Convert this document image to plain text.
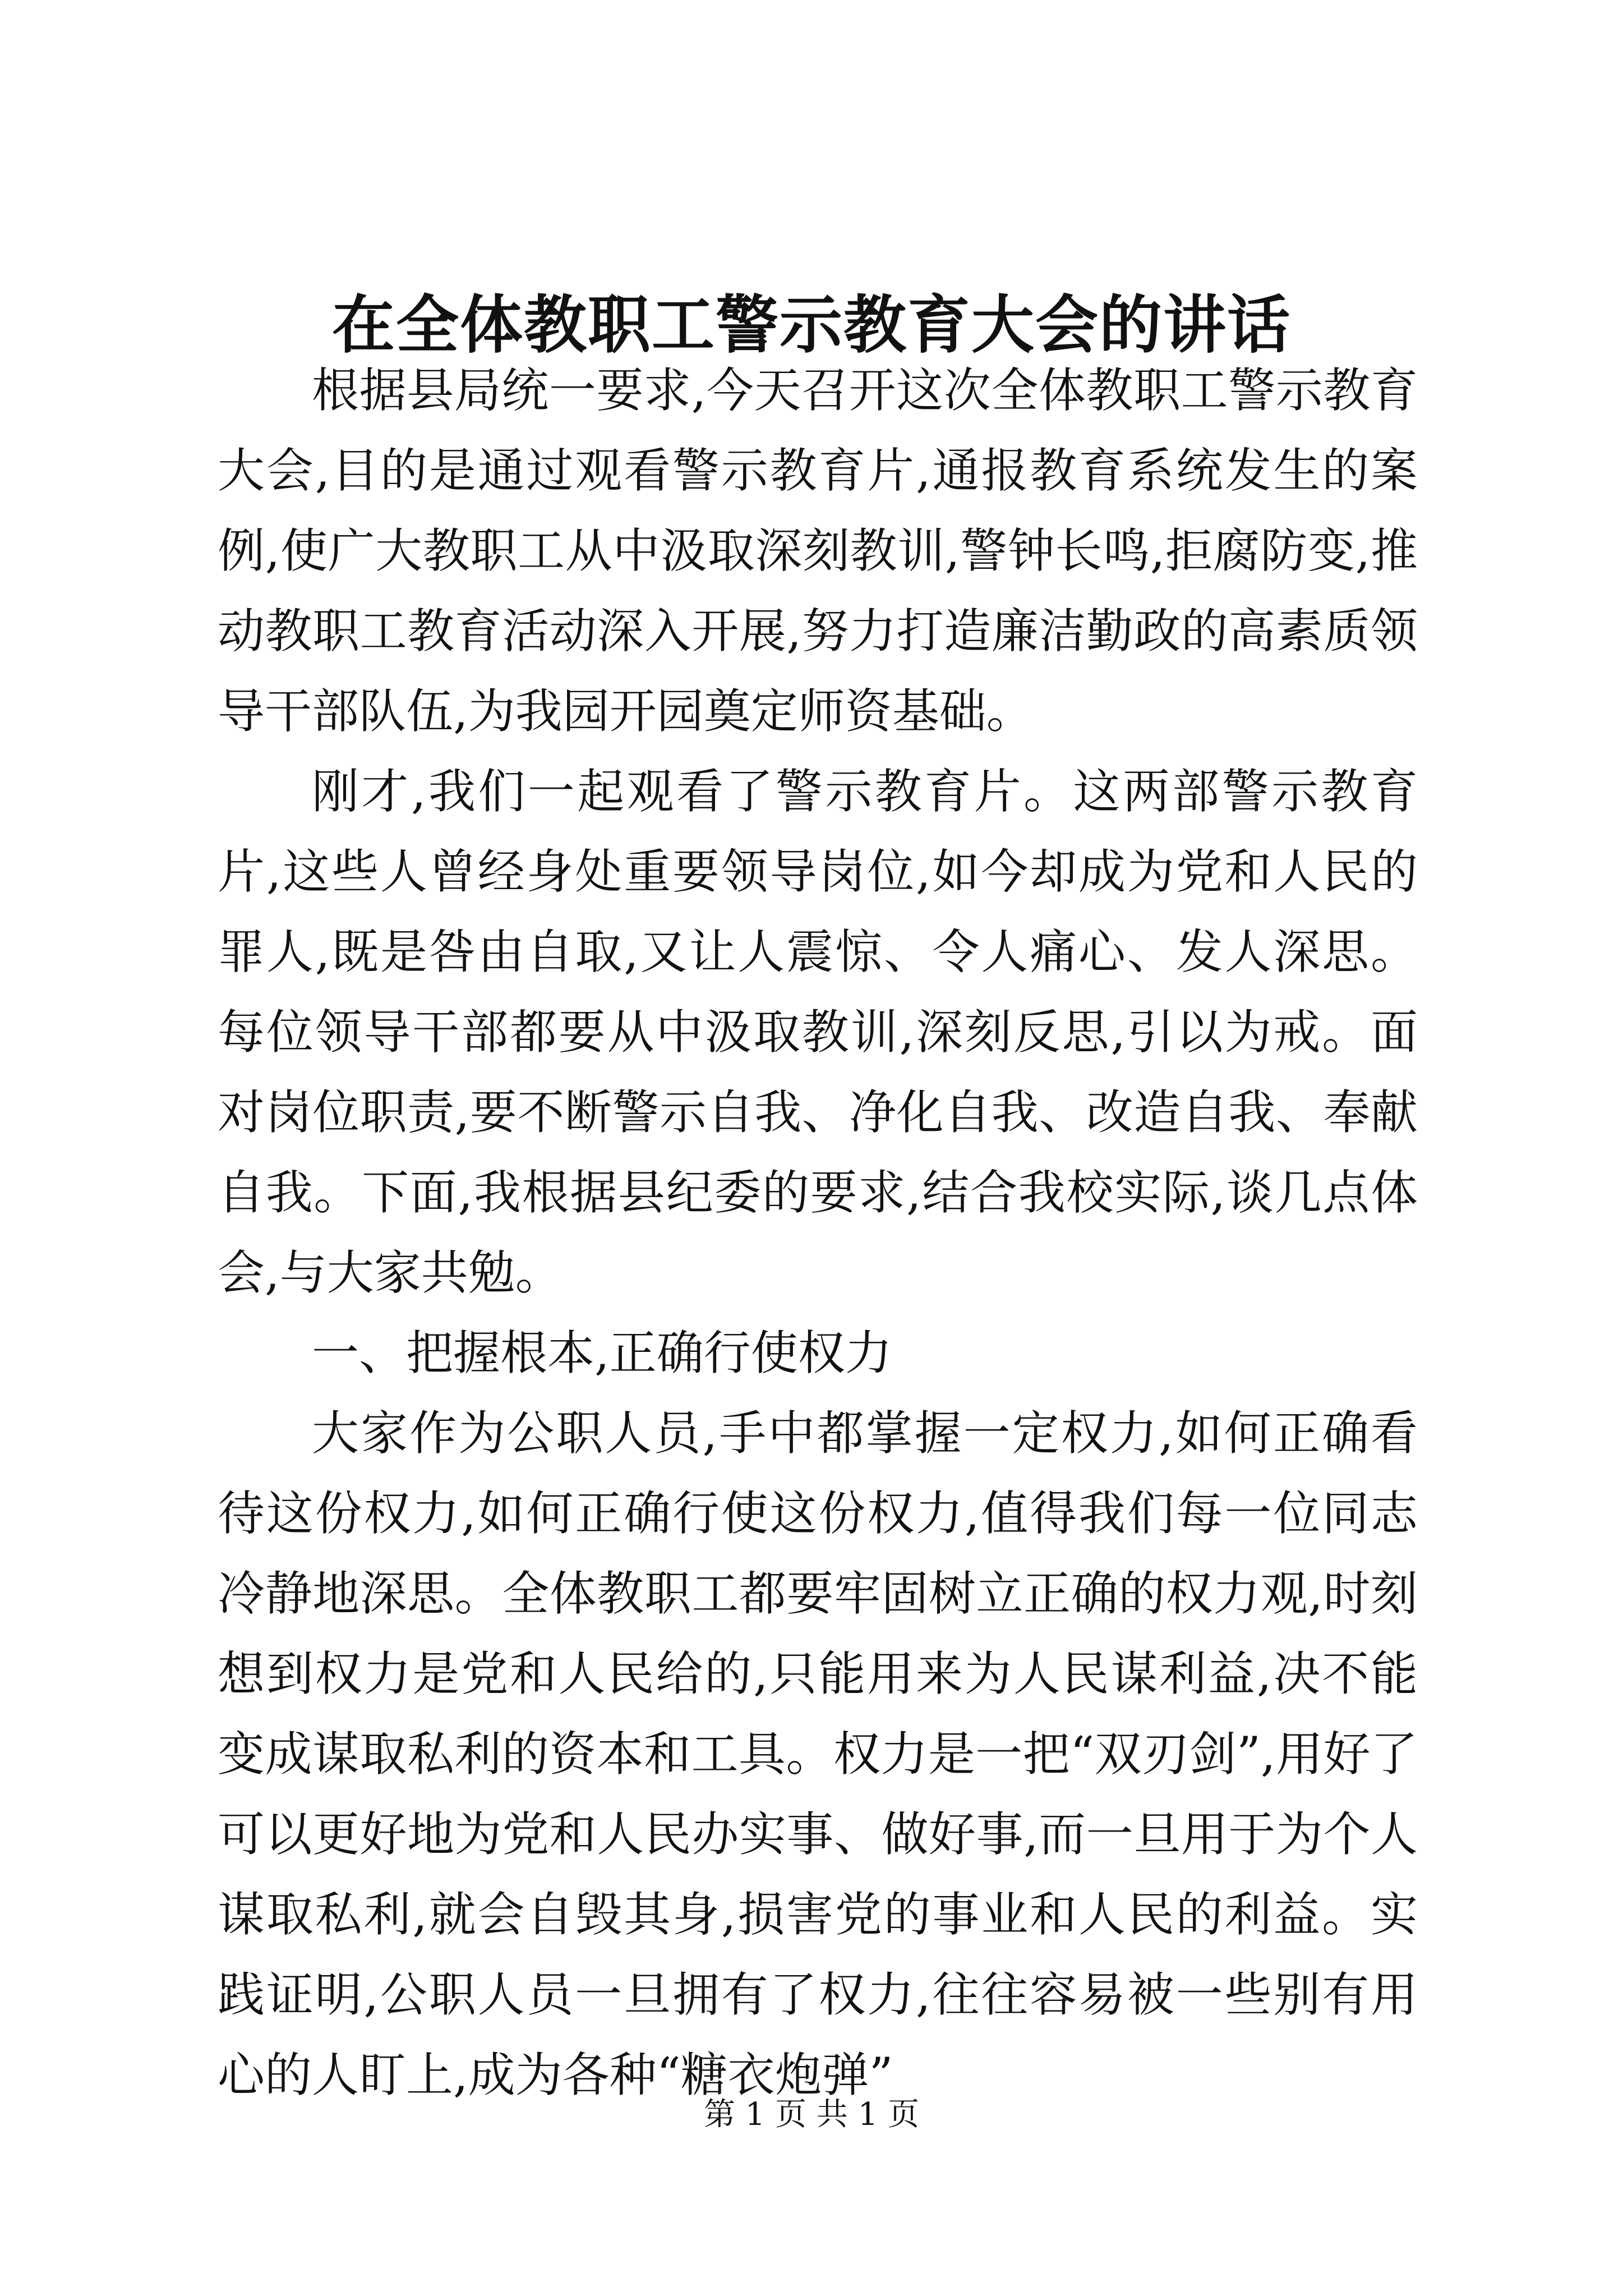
在全体教职工警示教育大会的讲话

根据县局统一要求,今天召开这次全体教职工警示教育大会,目的是通过观看警示教育片,通报教育系统发生的案例,使广大教职工从中汲取深刻教训,警钟长鸣,拒腐防变,推动教职工教育活动深入开展,努力打造廉洁勤政的高素质领导干部队伍,为我园开园奠定师资基础。

刚才,我们一起观看了警示教育片。这两部警示教育片,这些人曾经身处重要领导岗位,如今却成为党和人民的罪人,既是咎由自取,又让人震惊、令人痛心、发人深思。每位领导干部都要从中汲取教训,深刻反思,引以为戒。面对岗位职责,要不断警示自我、净化自我、改造自我、奉献自我。下面,我根据县纪委的要求,结合我校实际,谈几点体会,与大家共勉。

一、把握根本,正确行使权力

大家作为公职人员,手中都掌握一定权力,如何正确看待这份权力,如何正确行使这份权力,值得我们每一位同志冷静地深思。全体教职工都要牢固树立正确的权力观,时刻想到权力是党和人民给的,只能用来为人民谋利益,决不能变成谋取私利的资本和工具。权力是一把“双刃剑”,用好了可以更好地为党和人民办实事、做好事,而一旦用于为个人谋取私利,就会自毁其身,损害党的事业和人民的利益。实践证明,公职人员一旦拥有了权力,往往容易被一些别有用心的人盯上,成为各种“糖衣炮弹”

第 1 页 共 1 页
